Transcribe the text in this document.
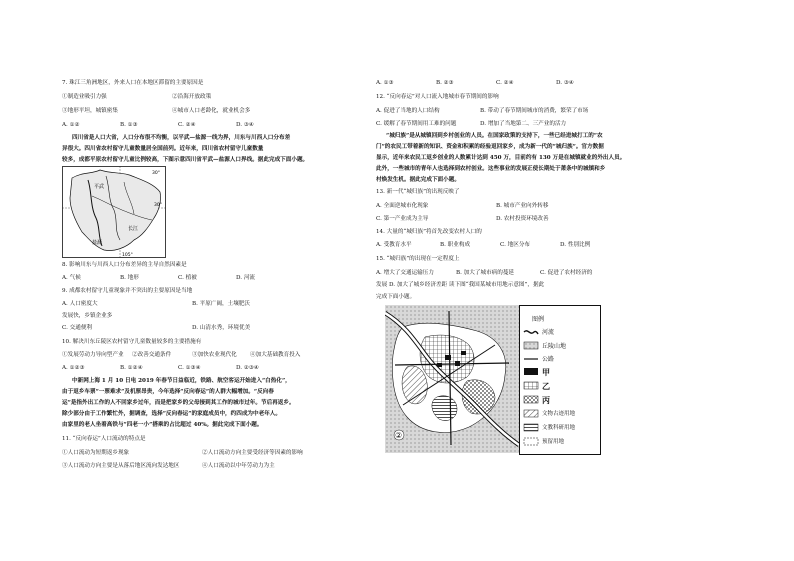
7. 珠江三角洲地区，外来人口在本地区滞留的主要原因是
①制造业吸引力强	②沿海开放政策
③地形平坦，城镇密集	④城市人口老龄化，就业机会多
A. ①②	B. ①③	C. ②④	D. ③④
四川省是人口大省，人口分布很不均衡，以平武—盐源一线为界，川东与川西人口分布差
异很大。四川省农村留守儿童数量居全国前列。近年来，四川省农村留守儿童数量
较多，成都平原农村留守儿童比例较高，下图示意四川省平武—盐源人口界线。据此完成下面小题。
30°
30°
105°
平武
盐源
长江
8. 影响川东与川西人口分布差异的主导自然因素是
A. 气候	B. 地形	C. 植被	D. 河流
9. 成都农村留守儿童现象并不突出的主要原因是当地
A. 人口密度大	B. 平原广阔，土壤肥沃
发展快，乡镇企业多
C. 交通便利	D. 山清水秀，环境优美
10. 解决川东丘陵区农村留守儿童数量较多的主要措施有
①发展劳动力导向型产业 ②改善交通条件	③加快农业现代化 ④加大基础教育投入
A. ①②③	B. ①②④	C. ①③④	D. ②③④
中新网上海 1 月 10 日电 2019 年春节日益临近，铁路、航空客运开始进入“白热化”，
由于返乡车票“一票难求”及机票昂贵，今年选择“反向春运”的人群大幅增加。“反向春
运”是指外出工作的人不回家乡过年，而是把家乡的父母接到其工作的城市过年。节后再返乡。
除少部分由于工作繁忙外，据调查，选择“反向春运”的家庭成员中，约四成为中老年人。
由家里的老人坐着高铁与“四老一小”搭乘的占比超过 40%。据此完成下面小题。
11. “反向春运”人口流动的特点是
①人口流动为短期返乡现象	②人口流动方向主要受经济等因素的影响
③人口流动方向主要是从落后地区流向发达地区	④人口流动以中年劳动力为主
A. ①③	B. ②③	C. ②④	D. ③④
12. “反向春运”对人口流入地城市春节期间的影响
A. 促进了当地的人口结构	B. 带动了春节期间城市的消费，繁荣了市场
C. 缓解了春节期间用工难的问题	D. 增加了当地第二、三产业的活力
“城归族”是从城镇回到乡村创业的人员。在国家政策的支持下，一些已经进城打工的“农
门”的农民工带着新的知识、资金和积累的经验返回家乡，成为新一代的“城归族”。官方数据
显示，近年来农民工返乡创业的人数累计达到 450 万，目前约有 130 万是在城镇就业的外出人员。
此外，一些城市的青年人也选择到农村创业。这些事业的发展正使长期处于萧条中的城镇和乡
村焕发生机。据此完成下面小题。
13. 新一代“城归族”的出现反映了
A. 全面逆城市化现象	B. 城市产业向外转移
C. 第一产业成为主导	D. 农村投资环境改善
14. 大量的“城归族”将首先改变农村人口的
A. 受教育水平	B. 职业构成	C. 地区分布	D. 性别比例
15. “城归族”的出现在一定程度上
A. 增大了交通运输压力	B. 加大了城市病的蔓延	C. 促进了农村经济的
发展 D. 加大了城乡经济差距 读下图“我国某城市用地示意图”，据此
完成下面小题。
②
图例
河流
丘陵山地
公路
甲
乙
丙
文物古迹用地
文教科研用地
预留用地
